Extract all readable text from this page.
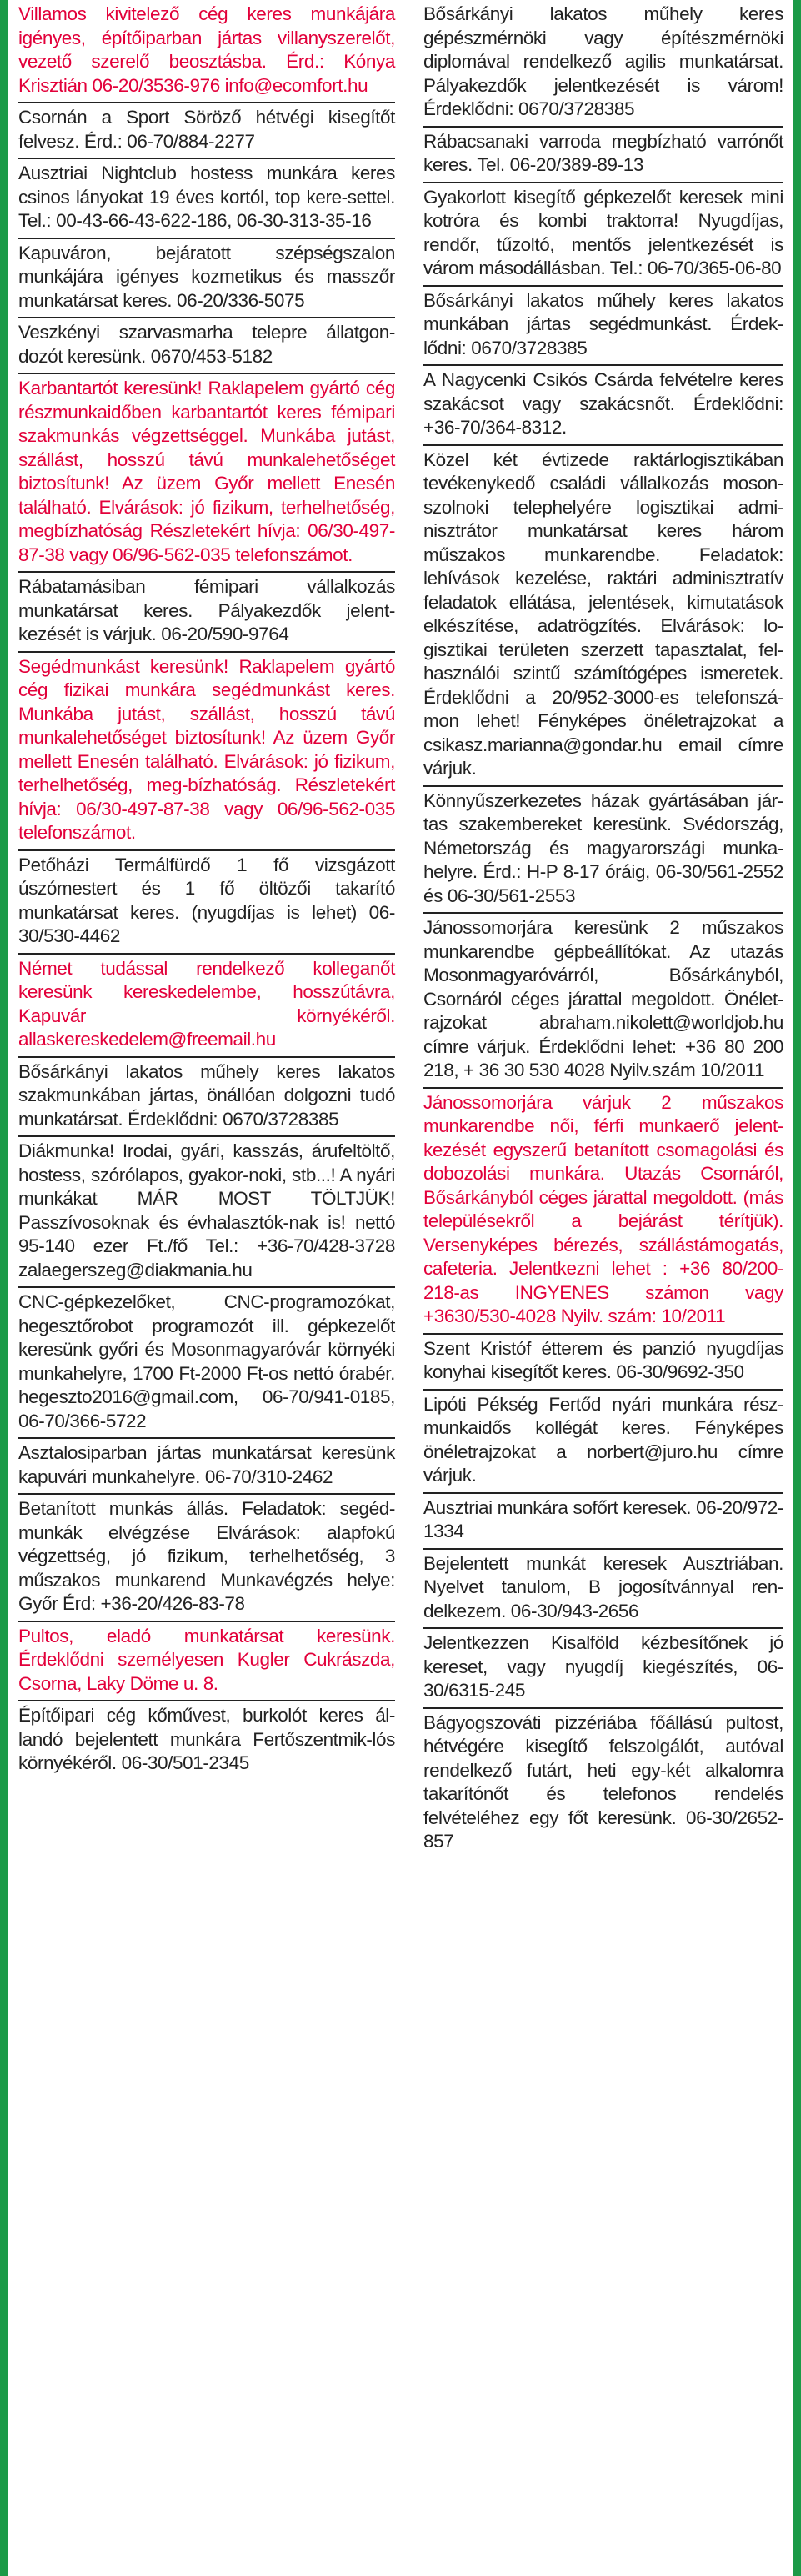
Villamos kivitelező cég keres munkájára igényes, építőiparban jártas villanyszerelőt, vezető szerelő beosztásba. Érd.: Kónya Krisztián 06-20/3536-976 info@ecomfort.hu
Csornán a Sport Söröző hétvégi kisegítőt felvesz. Érd.: 06-70/884-2277
Ausztriai Nightclub hostess munkára keres csinos lányokat 19 éves kortól, top kere-settel. Tel.: 00-43-66-43-622-186, 06-30-313-35-16
Kapuváron, bejáratott szépségszalon munkájára igényes kozmetikus és masszőr munkatársat keres. 06-20/336-5075
Veszkényi szarvasmarha telepre állatgon-dozót keresünk. 0670/453-5182
Karbantartót keresünk! Raklapelem gyártó cég részmunkaidőben karbantartót keres fémipari szakmunkás végzettséggel. Munkába jutást, szállást, hosszú távú munkalehetőséget biztosítunk! Az üzem Győr mellett Enesén található. Elvárások: jó fizikum, terhelhetőség, megbízhatóság Részletekért hívja: 06/30-497-87-38 vagy 06/96-562-035 telefonszámot.
Rábatamásiban fémipari vállalkozás munkatársat keres. Pályakezdők jelent-kezését is várjuk. 06-20/590-9764
Segédmunkást keresünk! Raklapelem gyártó cég fizikai munkára segédmunkást keres. Munkába jutást, szállást, hosszú távú munkalehetőséget biztosítunk! Az üzem Győr mellett Enesén található. Elvárások: jó fizikum, terhelhetőség, meg-bízhatóság. Részletekért hívja: 06/30-497-87-38 vagy 06/96-562-035 telefonszámot.
Petőházi Termálfürdő 1 fő vizsgázott úszómestert és 1 fő öltözői takarító munkatársat keres. (nyugdíjas is lehet) 06-30/530-4462
Német tudással rendelkező kolleganőt keresünk kereskedelembe, hosszútávra, Kapuvár környékéről. allaskereskedelem@freemail.hu
Bősárkányi lakatos műhely keres lakatos szakmunkában jártas, önállóan dolgozni tudó munkatársat. Érdeklődni: 0670/3728385
Diákmunka! Irodai, gyári, kasszás, árufeltöltő, hostess, szórólapos, gyakor-noki, stb...! A nyári munkákat MÁR MOST TÖLTJÜK! Passzívosoknak és évhalasztók-nak is! nettó 95-140 ezer Ft./fő Tel.: +36-70/428-3728 zalaegerszeg@diakmania.hu
CNC-gépkezelőket, CNC-programozókat, hegesztőrobot programozót ill. gépkezelőt keresünk győri és Mosonmagyaróvár környéki munkahelyre, 1700 Ft-2000 Ft-os nettó órabér. hegeszto2016@gmail.com, 06-70/941-0185, 06-70/366-5722
Asztalosiparban jártas munkatársat keresünk kapuvári munkahelyre. 06-70/310-2462
Betanított munkás állás. Feladatok: segéd-munkák elvégzése Elvárások: alapfokú végzettség, jó fizikum, terhelhetőség, 3 műszakos munkarend Munkavégzés helye: Győr Érd: +36-20/426-83-78
Pultos, eladó munkatársat keresünk. Érdeklődni személyesen Kugler Cukrászda, Csorna, Laky Döme u. 8.
Építőipari cég kőművest, burkolót keres ál-landó bejelentett munkára Fertőszentmik-lós környékéről. 06-30/501-2345
Bősárkányi lakatos műhely keres gépészmérnöki vagy építészmérnöki diplomával rendelkező agilis munkatársat. Pályakezdők jelentkezését is várom! Érdeklődni: 0670/3728385
Rábacsanaki varroda megbízható varrónőt keres. Tel. 06-20/389-89-13
Gyakorlott kisegítő gépkezelőt keresek mini kotróra és kombi traktorra! Nyugdíjas, rendőr, tűzoltó, mentős jelentkezését is várom másodállásban. Tel.: 06-70/365-06-80
Bősárkányi lakatos műhely keres lakatos munkában jártas segédmunkást. Érdek-lődni: 0670/3728385
A Nagycenki Csikós Csárda felvételre keres szakácsot vagy szakácsnőt. Érdeklődni: +36-70/364-8312.
Közel két évtizede raktárlogisztikában tevékenykedő családi vállalkozás moson-szolnoki telephelyére logisztikai admi-nisztrátor munkatársat keres három műszakos munkarendbe. Feladatok: lehívások kezelése, raktári adminisztratív feladatok ellátása, jelentések, kimutatások elkészítése, adatrögzítés. Elvárások: lo-gisztikai területen szerzett tapasztalat, fel-használói szintű számítógépes ismeretek. Érdeklődni a 20/952-3000-es telefonszá-mon lehet! Fényképes önéletrajzokat a csikasz.marianna@gondar.hu email címre várjuk.
Könnyűszerkezetes házak gyártásában jár-tas szakembereket keresünk. Svédország, Németország és magyarországi munka-helyre. Érd.: H-P 8-17 óráig, 06-30/561-2552 és 06-30/561-2553
Jánossomorjára keresünk 2 műszakos munkarendbe gépbeállítókat. Az utazás Mosonmagyaróvárról, Bősárkányból, Csornáról céges járattal megoldott. Önélet-rajzokat abraham.nikolett@worldjob.hu címre várjuk. Érdeklődni lehet: +36 80 200 218, + 36 30 530 4028 Nyilv.szám 10/2011
Jánossomorjára várjuk 2 műszakos munkarendbe női, férfi munkaerő jelent-kezését egyszerű betanított csomagolási és dobozolási munkára. Utazás Csornáról, Bősárkányból céges járattal megoldott. (más településekről a bejárást térítjük). Versenyképes bérezés, szállástámogatás, cafeteria. Jelentkezni lehet : +36 80/200-218-as INGYENES számon vagy +3630/530-4028 Nyilv. szám: 10/2011
Szent Kristóf étterem és panzió nyugdíjas konyhai kisegítőt keres. 06-30/9692-350
Lipóti Pékség Fertőd nyári munkára rész-munkaidős kollégát keres. Fényképes önéletrajzokat a norbert@juro.hu címre várjuk.
Ausztriai munkára sofőrt keresek. 06-20/972-1334
Bejelentett munkát keresek Ausztriában. Nyelvet tanulom, B jogosítvánnyal ren-delkezem. 06-30/943-2656
Jelentkezzen Kisalföld kézbesítőnek jó kereset, vagy nyugdíj kiegészítés, 06-30/6315-245
Bágyogszováti pizzériába főállású pultost, hétvégére kisegítő felszolgálót, autóval rendelkező futárt, heti egy-két alkalomra takarítónőt és telefonos rendelés felvételéhez egy főt keresünk. 06-30/2652-857
